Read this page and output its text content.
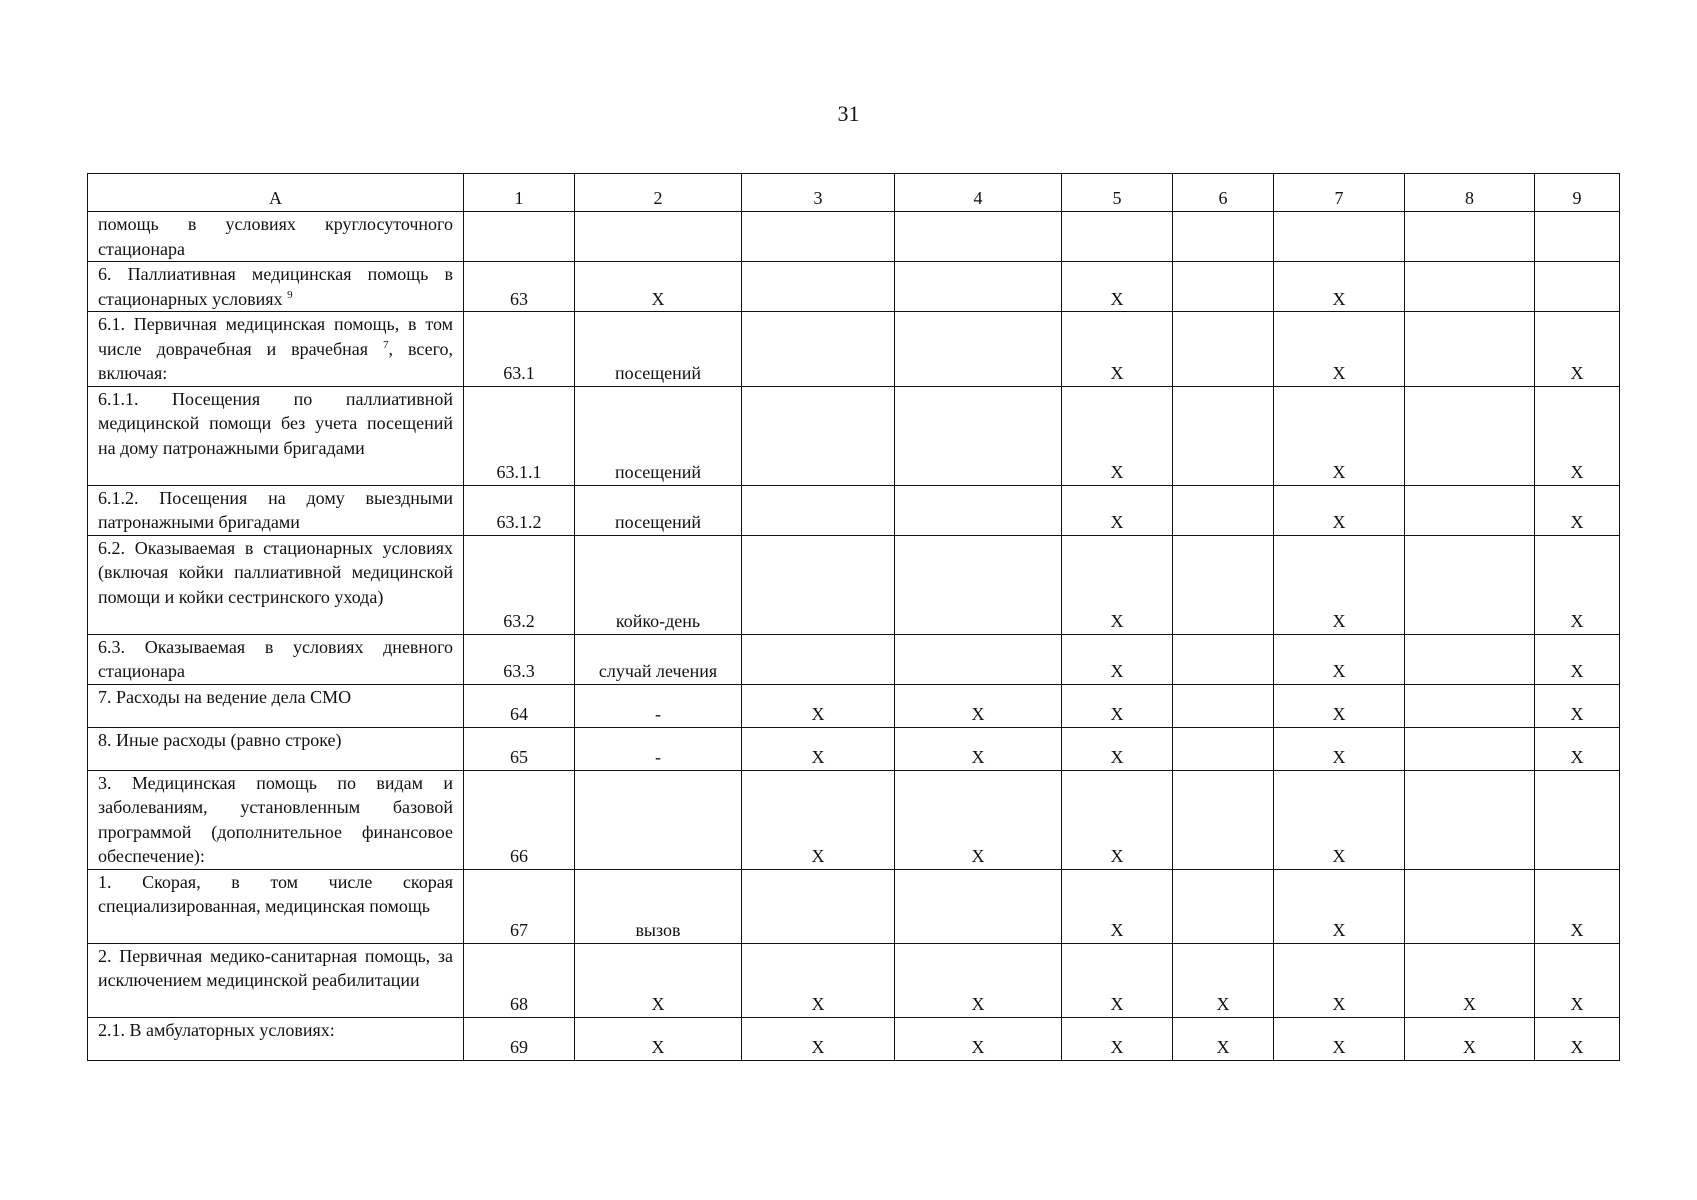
31
А	1	2	3	4	5	6	7	8	9
помощь в условиях круглосуточного стационара									
6. Паллиативная медицинская помощь в стационарных условиях $^9$	63	Х			Х		Х		
6.1. Первичная медицинская помощь, в том числе доврачебная и врачебная $^7$, всего, включая:	63.1	посещений			Х		Х		Х
6.1.1. Посещения по паллиативной медицинской помощи без учета посещений на дому патронажными бригадами	63.1.1	посещений			Х		Х		Х
6.1.2. Посещения на дому выездными патронажными бригадами	63.1.2	посещений			Х		Х		Х
6.2. Оказываемая в стационарных условиях (включая койки паллиативной медицинской помощи и койки сестринского ухода)	63.2	койко-день			Х		Х		Х
6.3. Оказываемая в условиях дневного стационара	63.3	случай лечения			Х		Х		Х
7. Расходы на ведение дела СМО	64	-	Х	Х	Х		Х		Х
8. Иные расходы (равно строке)	65	-	Х	Х	Х		Х		Х
3. Медицинская помощь по видам и заболеваниям, установленным базовой программой (дополнительное финансовое обеспечение):	66		Х	Х	Х		Х		
1. Скорая, в том числе скорая специализированная, медицинская помощь	67	вызов			Х		Х		Х
2. Первичная медико-санитарная помощь, за исключением медицинской реабилитации	68	Х	Х	Х	Х	Х	Х	Х	Х
2.1. В амбулаторных условиях:	69	Х	Х	Х	Х	Х	Х	Х	Х
